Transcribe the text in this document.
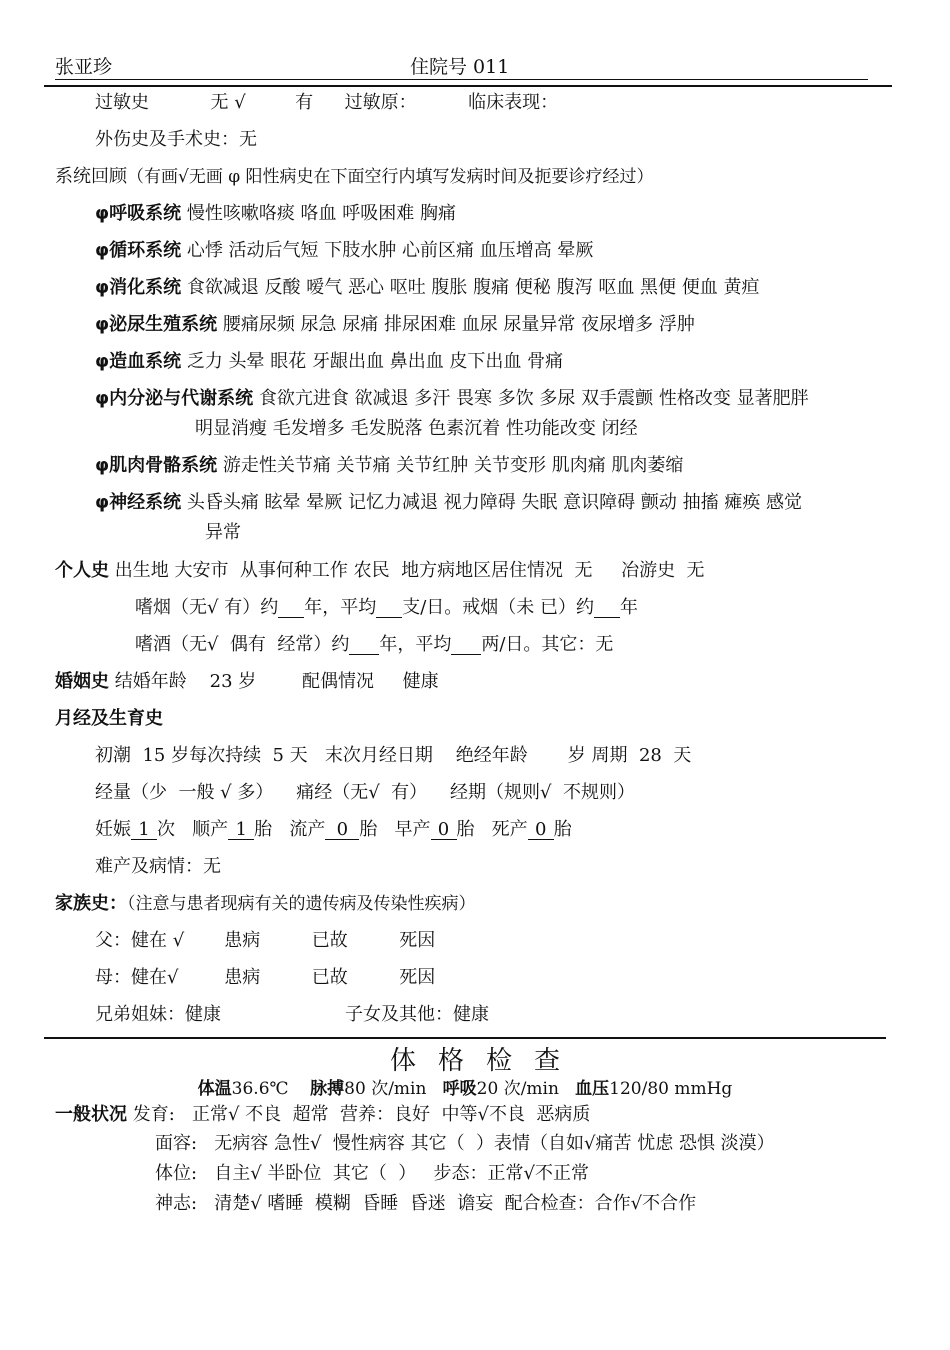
张亚珍	住院号 011
过敏史	无 √	有 过敏原：	临床表现：
外伤史及手术史：无
系统回顾（有画√无画 φ 阳性病史在下面空行内填写发病时间及扼要诊疗经过）
φ呼吸系统 慢性咳嗽咯痰 咯血 呼吸困难 胸痛
φ循环系统 心悸 活动后气短 下肢水肿 心前区痛 血压增高 晕厥
φ消化系统 食欲减退 反酸 嗳气 恶心 呕吐 腹胀 腹痛 便秘 腹泻 呕血 黑便 便血 黄疸
φ泌尿生殖系统 腰痛尿频 尿急 尿痛 排尿困难 血尿 尿量异常 夜尿增多 浮肿
φ造血系统 乏力 头晕 眼花 牙龈出血 鼻出血 皮下出血 骨痛
φ内分泌与代谢系统 食欲亢进食 欲减退 多汗 畏寒 多饮 多尿 双手震颤 性格改变 显著肥胖
明显消瘦 毛发增多 毛发脱落 色素沉着 性功能改变 闭经
φ肌肉骨骼系统 游走性关节痛 关节痛 关节红肿 关节变形 肌肉痛 肌肉萎缩
φ神经系统 头昏头痛 眩晕 晕厥 记忆力减退 视力障碍 失眠 意识障碍 颤动 抽搐 瘫痪 感觉
异常
个人史 出生地 大安市  从事何种工作 农民  地方病地区居住情况  无     冶游史  无
嗜烟（无√ 有）约 年，平均 支/日。戒烟（未 已）约 年
嗜酒（无√  偶有  经常）约 年，平均 两/日。其它：无
婚姻史 结婚年龄    23 岁        配偶情况     健康
月经及生育史
初潮  15 岁每次持续  5 天   末次月经日期    绝经年龄       岁 周期  28  天
经量（少  一般 √ 多）    痛经（无√  有）    经期（规则√  不规则）
妊娠 1 次   顺产 1 胎   流产 0 胎   早产 0 胎   死产 0 胎
难产及病情：无
家族史：（注意与患者现病有关的遗传病及传染性疾病）
父：健在 √       患病         已故         死因
母：健在√        患病         已故         死因
兄弟姐妹：健康	子女及其他：健康
体格检查
体温36.6℃ 脉搏80 次/min 呼吸20 次/min 血压120/80 mmHg
一般状况 发育:   正常√ 不良  超常  营养：良好  中等√不良  恶病质
面容:   无病容 急性√  慢性病容 其它（  ）表情（自如√痛苦 忧虑 恐惧 淡漠）
体位:   自主√ 半卧位  其它（  ）   步态：正常√不正常
神志:   清楚√ 嗜睡  模糊  昏睡  昏迷  谵妄  配合检查：合作√不合作
